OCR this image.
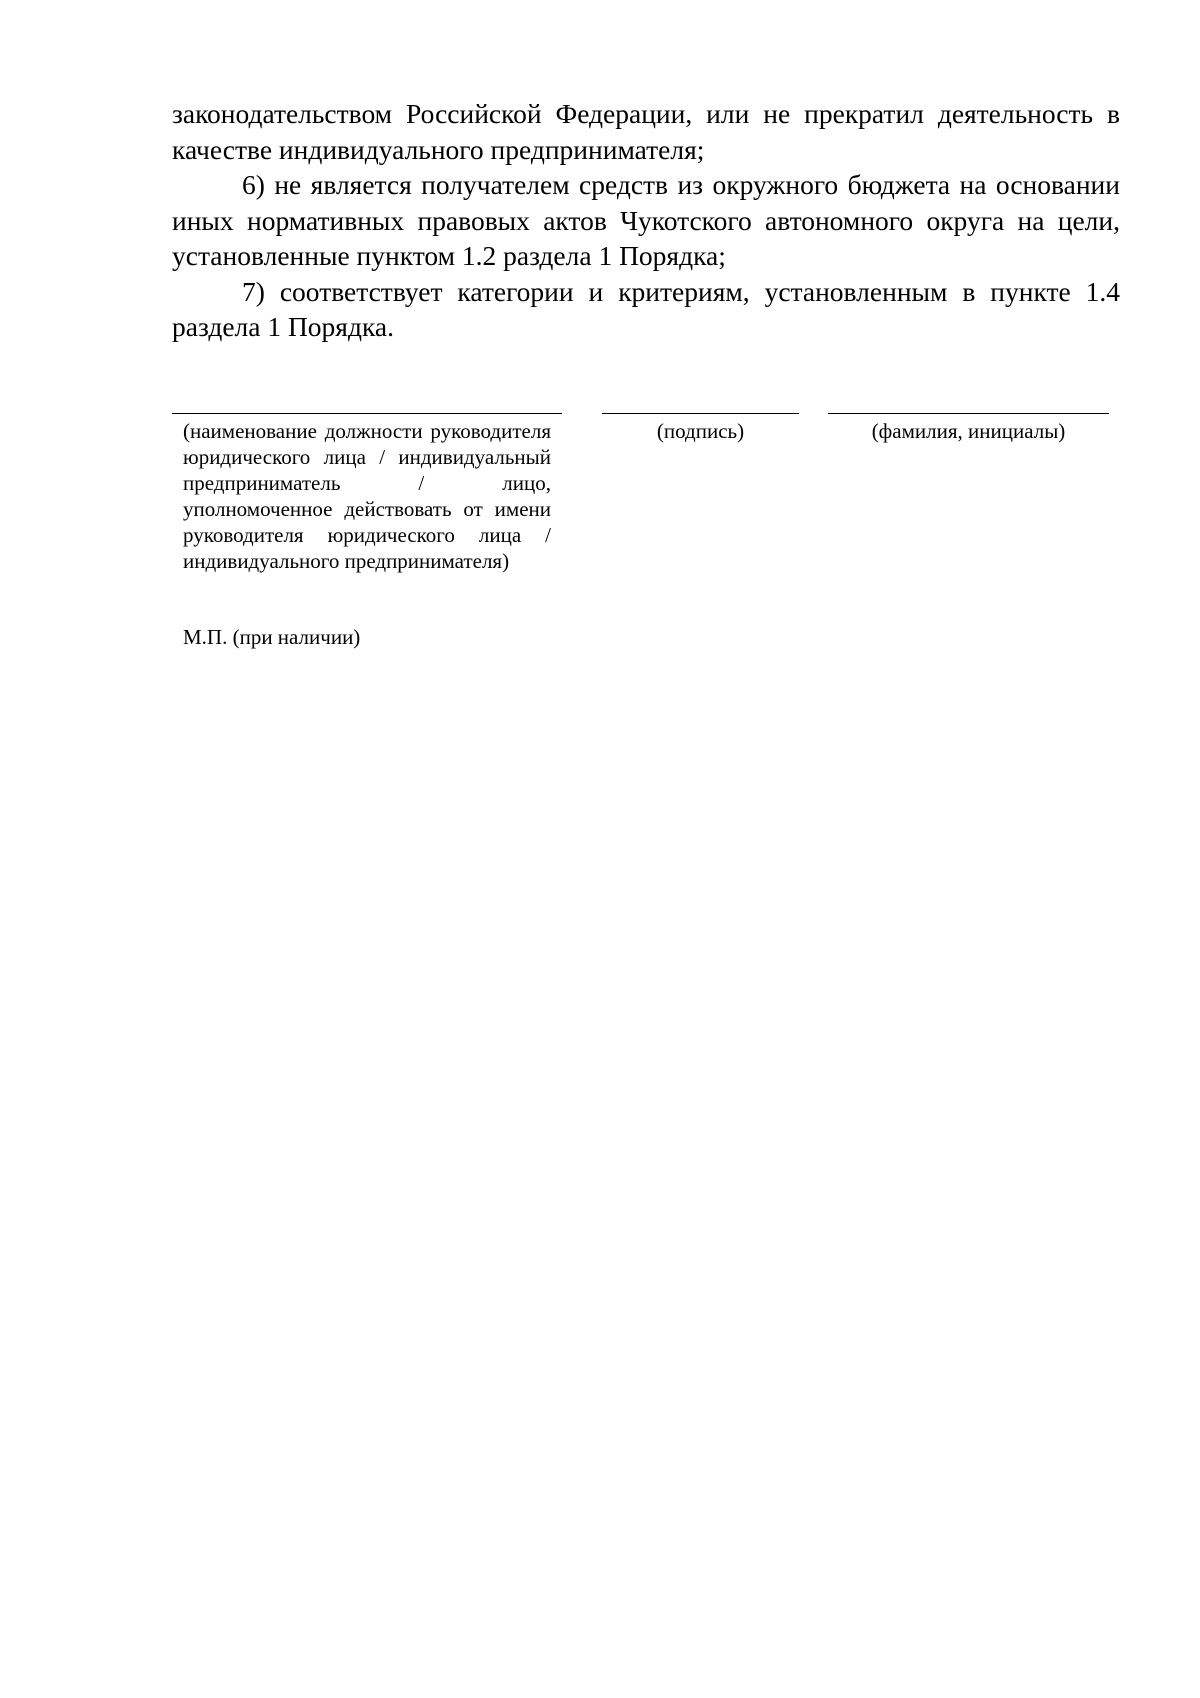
законодательством Российской Федерации, или не прекратил деятельность в качестве индивидуального предпринимателя;

6) не является получателем средств из окружного бюджета на основании иных нормативных правовых актов Чукотского автономного округа на цели, установленные пунктом 1.2 раздела 1 Порядка;

7) соответствует категории и критериям, установленным в пункте 1.4 раздела 1 Порядка.

(наименование должности руководителя юридического лица / индивидуальный предприниматель / лицо, уполномоченное действовать от имени руководителя юридического лица / индивидуального предпринимателя)
(подпись)	(фамилия, инициалы)
М.П. (при наличии)
